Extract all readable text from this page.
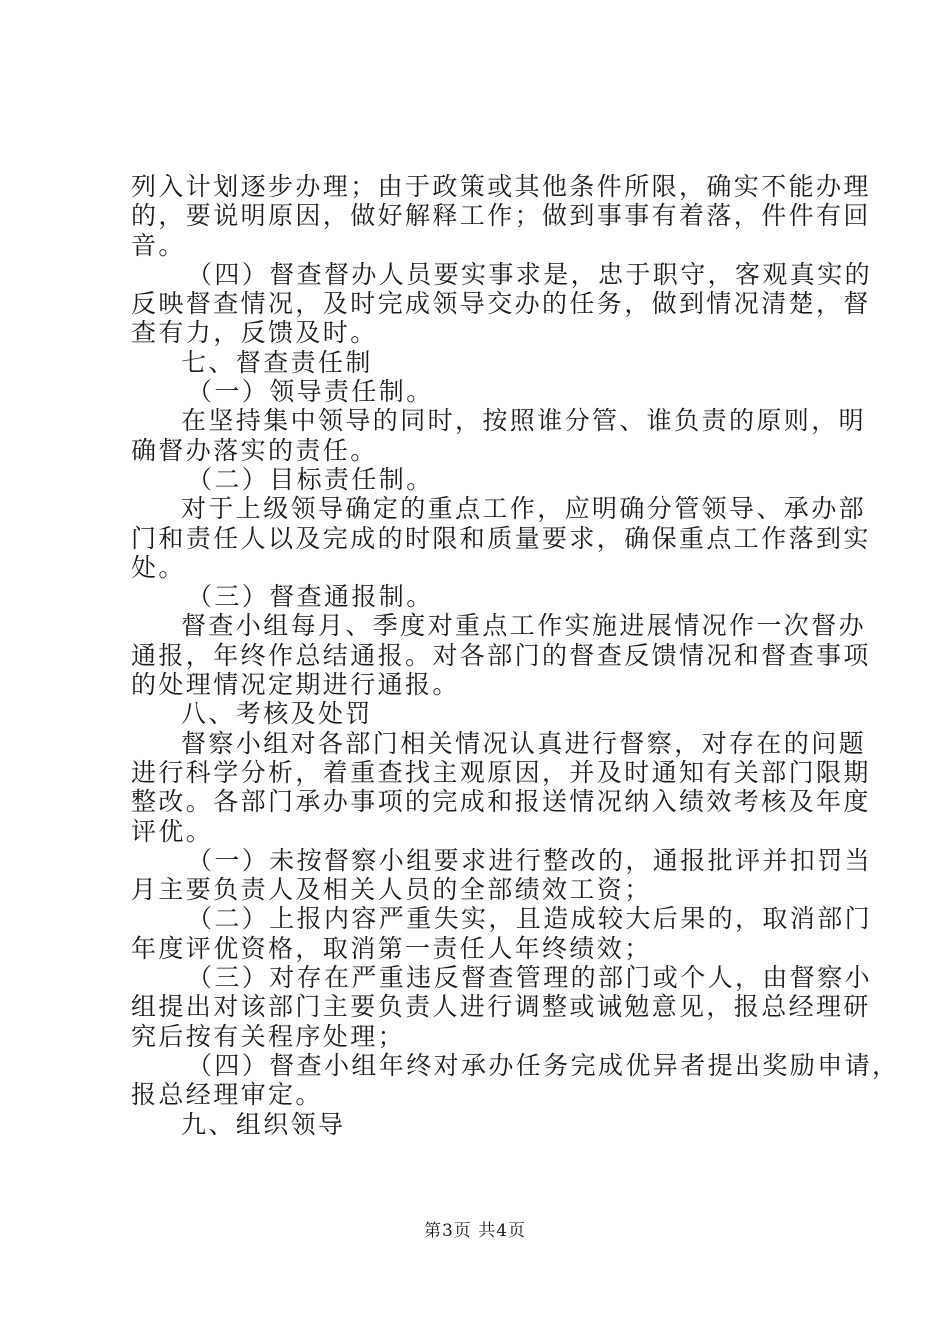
列入计划逐步办理；由于政策或其他条件所限，确实不能办理
的，要说明原因，做好解释工作；做到事事有着落，件件有回
音。
（四）督查督办人员要实事求是，忠于职守，客观真实的
反映督查情况，及时完成领导交办的任务，做到情况清楚，督
查有力，反馈及时。
七、督查责任制
（一）领导责任制。
在坚持集中领导的同时，按照谁分管、谁负责的原则，明
确督办落实的责任。
（二）目标责任制。
对于上级领导确定的重点工作，应明确分管领导、承办部
门和责任人以及完成的时限和质量要求，确保重点工作落到实
处。
（三）督查通报制。
督查小组每月、季度对重点工作实施进展情况作一次督办
通报，年终作总结通报。对各部门的督查反馈情况和督查事项
的处理情况定期进行通报。
八、考核及处罚
督察小组对各部门相关情况认真进行督察，对存在的问题
进行科学分析，着重查找主观原因，并及时通知有关部门限期
整改。各部门承办事项的完成和报送情况纳入绩效考核及年度
评优。
（一）未按督察小组要求进行整改的，通报批评并扣罚当
月主要负责人及相关人员的全部绩效工资；
（二）上报内容严重失实，且造成较大后果的，取消部门
年度评优资格，取消第一责任人年终绩效；
（三）对存在严重违反督查管理的部门或个人，由督察小
组提出对该部门主要负责人进行调整或诫勉意见，报总经理研
究后按有关程序处理；
（四）督查小组年终对承办任务完成优异者提出奖励申请，
报总经理审定。
九、组织领导
第3页 共4页
